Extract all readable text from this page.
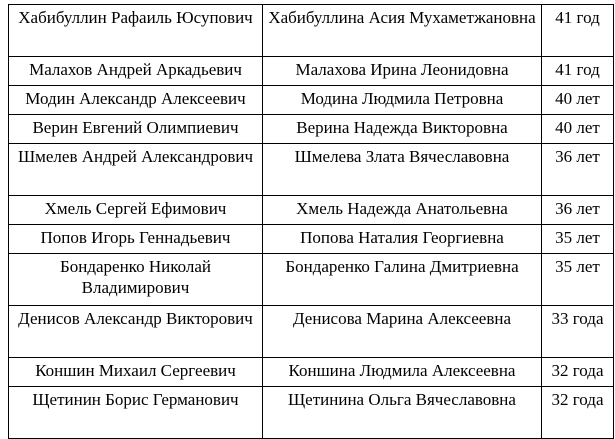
Хабибуллин Рафаиль Юсупович	Хабибуллина Асия Мухаметжановна	41 год
Малахов Андрей Аркадьевич	Малахова Ирина Леонидовна	41 год
Модин Александр Алексеевич	Модина Людмила Петровна	40 лет
Верин Евгений Олимпиевич	Верина Надежда Викторовна	40 лет
Шмелев Андрей Александрович	Шмелева Злата Вячеславовна	36 лет
Хмель Сергей Ефимович	Хмель Надежда Анатольевна	36 лет
Попов Игорь Геннадьевич	Попова Наталия Георгиевна	35 лет
Бондаренко Николай Владимирович	Бондаренко Галина Дмитриевна	35 лет
Денисов Александр Викторович	Денисова Марина Алексеевна	33 года
Коншин Михаил Сергеевич	Коншина Людмила Алексеевна	32 года
Щетинин Борис Германович	Щетинина Ольга Вячеславовна	32 года
